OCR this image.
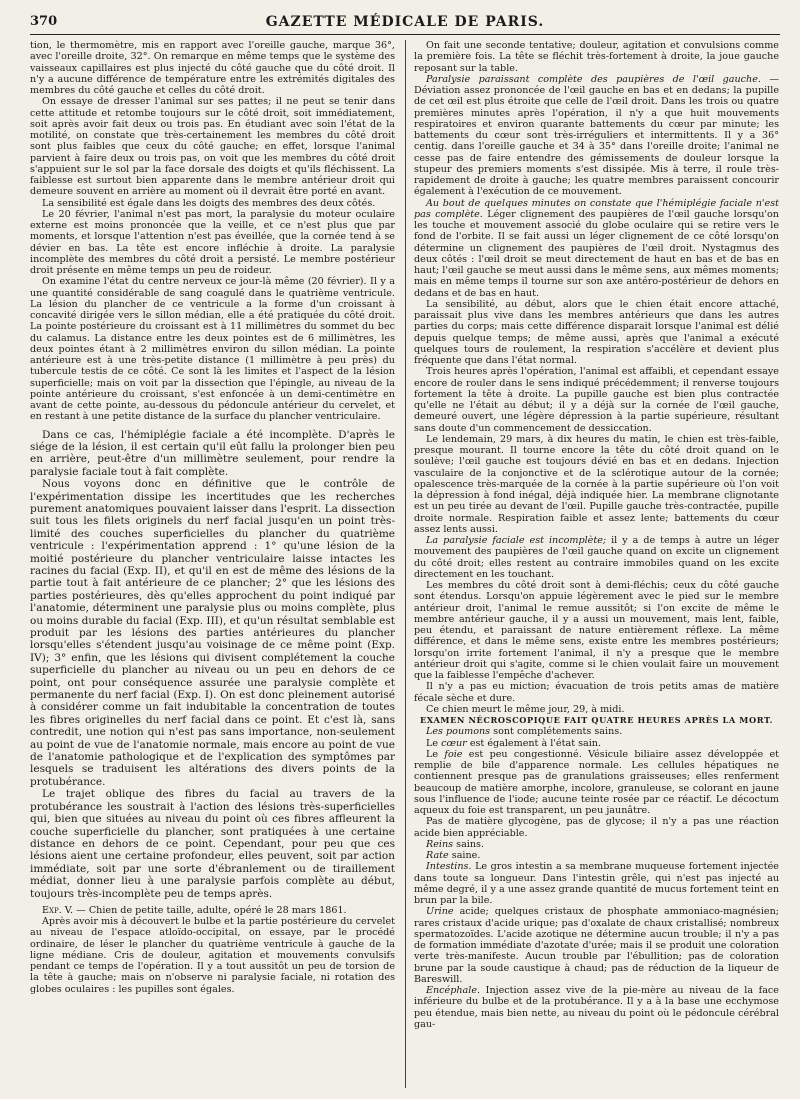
370	GAZETTE MÉDICALE DE PARIS.

tion, le thermomètre, mis en rapport avec l'oreille gauche, marque 36°, avec l'oreille droite, 32°. On remarque en même temps que le système des vaisseaux capillaires est plus injecté du côté gauche que du côté droit. Il n'y a aucune différence de température entre les extrémités digitales des membres du côté gauche et celles du côté droit.

On essaye de dresser l'animal sur ses pattes; il ne peut se tenir dans cette attitude et retombe toujours sur le côté droit, soit immédiatement, soit après avoir fait deux ou trois pas. En étudiant avec soin l'état de la motilité, on constate que très-certainement les membres du côté droit sont plus faibles que ceux du côté gauche; en effet, lorsque l'animal parvient à faire deux ou trois pas, on voit que les membres du côté droit s'appuient sur le sol par la face dorsale des doigts et qu'ils fléchissent. La faiblesse est surtout bien apparente dans le membre antérieur droit qui demeure souvent en arrière au moment où il devrait être porté en avant.

La sensibilité est égale dans les doigts des membres des deux côtés.

Le 20 février, l'animal n'est pas mort, la paralysie du moteur oculaire externe est moins prononcée que la veille, et ce n'est plus que par moments, et lorsque l'attention n'est pas éveillée, que la cornée tend à se dévier en bas. La tête est encore infléchie à droite. La paralysie incomplète des membres du côté droit a persisté. Le membre postérieur droit présente en même temps un peu de roideur.

On examine l'état du centre nerveux ce jour-là même (20 février). Il y a une quantité considérable de sang coagulé dans le quatrième ventricule. La lésion du plancher de ce ventricule a la forme d'un croissant à concavité dirigée vers le sillon médian, elle a été pratiquée du côté droit. La pointe postérieure du croissant est à 11 millimètres du sommet du bec du calamus. La distance entre les deux pointes est de 6 millimètres, les deux pointes étant à 2 millimètres environ du sillon médian. La pointe antérieure est à une très-petite distance (1 millimètre à peu près) du tubercule testis de ce côté. Ce sont là les limites et l'aspect de la lésion superficielle; mais on voit par la dissection que l'épingle, au niveau de la pointe antérieure du croissant, s'est enfoncée à un demi-centimètre en avant de cette pointe, au-dessous du pédoncule antérieur du cervelet, et en restant à une petite distance de la surface du plancher ventriculaire.

Dans ce cas, l'hémiplégie faciale a été incomplète. D'après le siége de la lésion, il est certain qu'il eût fallu la prolonger bien peu en arrière, peut-être d'un millimètre seulement, pour rendre la paralysie faciale tout à fait complète.

Nous voyons donc en définitive que le contrôle de l'expérimentation dissipe les incertitudes que les recherches purement anatomiques pouvaient laisser dans l'esprit. La dissection suit tous les filets originels du nerf facial jusqu'en un point très-limité des couches superficielles du plancher du quatrième ventricule : l'expérimentation apprend : 1° qu'une lésion de la moitié postérieure du plancher ventriculaire laisse intactes les racines du facial (Exp. II), et qu'il en est de même des lésions de la partie tout à fait antérieure de ce plancher; 2° que les lésions des parties postérieures, dès qu'elles approchent du point indiqué par l'anatomie, déterminent une paralysie plus ou moins complète, plus ou moins durable du facial (Exp. III), et qu'un résultat semblable est produit par les lésions des parties antérieures du plancher lorsqu'elles s'étendent jusqu'au voisinage de ce même point (Exp. IV); 3° enfin, que les lésions qui divisent complétement la couche superficielle du plancher au niveau ou un peu en dehors de ce point, ont pour conséquence assurée une paralysie complète et permanente du nerf facial (Exp. I). On est donc pleinement autorisé à considérer comme un fait indubitable la concentration de toutes les fibres originelles du nerf facial dans ce point. Et c'est là, sans contredit, une notion qui n'est pas sans importance, non-seulement au point de vue de l'anatomie normale, mais encore au point de vue de l'anatomie pathologique et de l'explication des symptômes par lesquels se traduisent les altérations des divers points de la protubérance.

Le trajet oblique des fibres du facial au travers de la protubérance les soustrait à l'action des lésions très-superficielles qui, bien que situées au niveau du point où ces fibres affleurent la couche superficielle du plancher, sont pratiquées à une certaine distance en dehors de ce point. Cependant, pour peu que ces lésions aient une certaine profondeur, elles peuvent, soit par action immédiate, soit par une sorte d'ébranlement ou de tiraillement médiat, donner lieu à une paralysie parfois complète au début, toujours très-incomplète peu de temps après.

Exp. V. — Chien de petite taille, adulte, opéré le 28 mars 1861.

Après avoir mis à découvert le bulbe et la partie postérieure du cervelet au niveau de l'espace atloïdo-occipital, on essaye, par le procédé ordinaire, de léser le plancher du quatrième ventricule à gauche de la ligne médiane. Cris de douleur, agitation et mouvements convulsifs pendant ce temps de l'opération. Il y a tout aussitôt un peu de torsion de la tête à gauche; mais on n'observe ni paralysie faciale, ni rotation des globes oculaires : les pupilles sont égales.

On fait une seconde tentative; douleur, agitation et convulsions comme la première fois. La tête se fléchit très-fortement à droite, la joue gauche reposant sur la table.

Paralysie paraissant complète des paupières de l'œil gauche. — Déviation assez prononcée de l'œil gauche en bas et en dedans; la pupille de cet œil est plus étroite que celle de l'œil droit. Dans les trois ou quatre premières minutes après l'opération, il n'y a que huit mouvements respiratoires et environ quarante battements du cœur par minute; les battements du cœur sont très-irréguliers et intermittents. Il y a 36° centig. dans l'oreille gauche et 34 à 35° dans l'oreille droite; l'animal ne cesse pas de faire entendre des gémissements de douleur lorsque la stupeur des premiers moments s'est dissipée. Mis à terre, il roule très-rapidement de droite à gauche; les quatre membres paraissent concourir également à l'exécution de ce mouvement.

Au bout de quelques minutes on constate que l'hémiplégie faciale n'est pas complète. Léger clignement des paupières de l'œil gauche lorsqu'on les touche et mouvement associé du globe oculaire qui se retire vers le fond de l'orbite. Il se fait aussi un léger clignement de ce côté lorsqu'on détermine un clignement des paupières de l'œil droit. Nystagmus des deux côtés : l'œil droit se meut directement de haut en bas et de bas en haut; l'œil gauche se meut aussi dans le même sens, aux mêmes moments; mais en même temps il tourne sur son axe antéro-postérieur de dehors en dedans et de bas en haut.

La sensibilité, au début, alors que le chien était encore attaché, paraissait plus vive dans les membres antérieurs que dans les autres parties du corps; mais cette différence disparait lorsque l'animal est délié depuis quelque temps; de même aussi, après que l'animal a exécuté quelques tours de roulement, la respiration s'accélère et devient plus fréquente que dans l'état normal.

Trois heures après l'opération, l'animal est affaibli, et cependant essaye encore de rouler dans le sens indiqué précédemment; il renverse toujours fortement la tête à droite. La pupille gauche est bien plus contractée qu'elle ne l'était au début; il y a déjà sur la cornée de l'œil gauche, demeuré ouvert, une légère dépression à la partie supérieure, résultant sans doute d'un commencement de dessiccation.

Le lendemain, 29 mars, à dix heures du matin, le chien est très-faible, presque mourant. Il tourne encore la tête du côté droit quand on le soulève; l'œil gauche est toujours dévié en bas et en dedans. Injection vasculaire de la conjonctive et de la sclérotique autour de la cornée; opalescence très-marquée de la cornée à la partie supérieure où l'on voit la dépression à fond inégal, déjà indiquée hier. La membrane clignotante est un peu tirée au devant de l'œil. Pupille gauche très-contractée, pupille droite normale. Respiration faible et assez lente; battements du cœur assez lents aussi.

La paralysie faciale est incomplète; il y a de temps à autre un léger mouvement des paupières de l'œil gauche quand on excite un clignement du côté droit; elles restent au contraire immobiles quand on les excite directement en les touchant.

Les membres du côté droit sont à demi-fléchis; ceux du côté gauche sont étendus. Lorsqu'on appuie légèrement avec le pied sur le membre antérieur droit, l'animal le remue aussitôt; si l'on excite de même le membre antérieur gauche, il y a aussi un mouvement, mais lent, faible, peu étendu, et paraissant de nature entièrement réflexe. La même différence, et dans le même sens, existe entre les membres postérieurs; lorsqu'on irrite fortement l'animal, il n'y a presque que le membre antérieur droit qui s'agite, comme si le chien voulait faire un mouvement que la faiblesse l'empêche d'achever.

Il n'y a pas eu miction; évacuation de trois petits amas de matière fécale sèche et dure.

Ce chien meurt le même jour, 29, à midi.

EXAMEN NÉCROSCOPIQUE FAIT QUATRE HEURES APRÈS LA MORT.

Les poumons sont complétements sains.

Le cœur est également à l'état sain.

Le foie est peu congestionné. Vésicule biliaire assez développée et remplie de bile d'apparence normale. Les cellules hépatiques ne contiennent presque pas de granulations graisseuses; elles renferment beaucoup de matière amorphe, incolore, granuleuse, se colorant en jaune sous l'influence de l'iode; aucune teinte rosée par ce réactif. Le décoctum aqueux du foie est transparent, un peu jaunâtre.

Pas de matière glycogène, pas de glycose; il n'y a pas une réaction acide bien appréciable.

Reins sains.

Rate saine.

Intestins. Le gros intestin a sa membrane muqueuse fortement injectée dans toute sa longueur. Dans l'intestin grêle, qui n'est pas injecté au même degré, il y a une assez grande quantité de mucus fortement teint en brun par la bile.

Urine acide; quelques cristaux de phosphate ammoniaco-magnésien; rares cristaux d'acide urique; pas d'oxalate de chaux cristallisé; nombreux spermatozoïdes. L'acide azotique ne détermine aucun trouble; il n'y a pas de formation immédiate d'azotate d'urée; mais il se produit une coloration verte très-manifeste. Aucun trouble par l'ébullition; pas de coloration brune par la soude caustique à chaud; pas de réduction de la liqueur de Bareswill.

Encéphale. Injection assez vive de la pie-mère au niveau de la face inférieure du bulbe et de la protubérance. Il y a à la base une ecchymose peu étendue, mais bien nette, au niveau du point où le pédoncule cérébral gau-
